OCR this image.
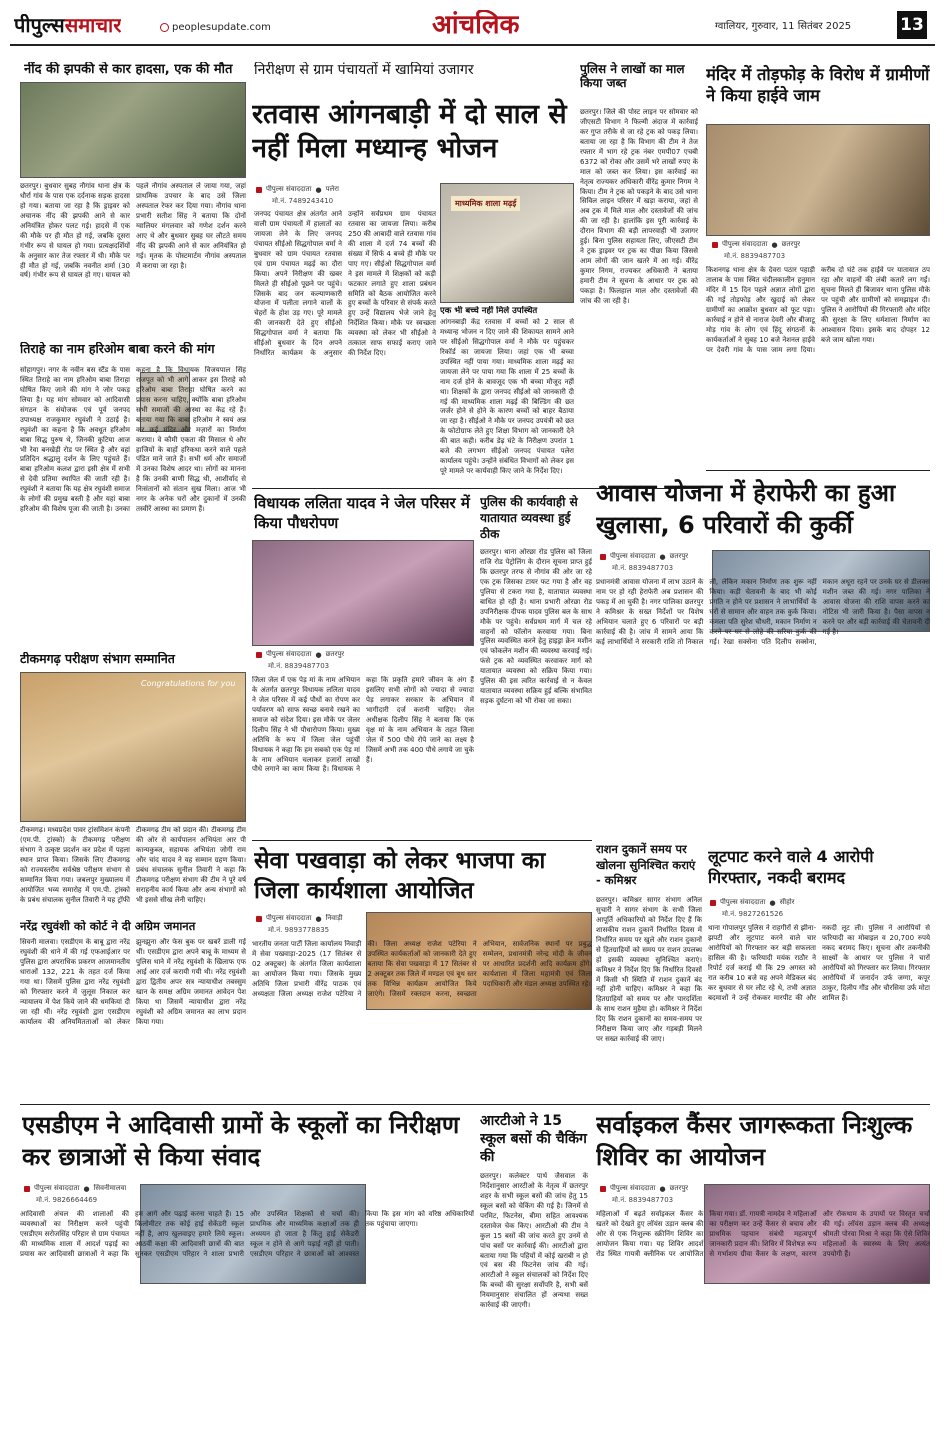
पीपुल्स समाचार	peoplesupdate.com	आंचलिक	ग्वालियर, गुरुवार, 11 सितंबर 2025	13
नींद की झपकी से कार हादसा, एक की मौत
छतरपुर। बुधवार सुबह नौगांव थाना क्षेत्र के धौर्रा गांव के पास एक दर्दनाक सड़क हादसा हो गया। बताया जा रहा है कि ड्राइवर को अचानक नींद की झपकी आने से कार अनियंत्रित होकर पलट गई। हादसे में एक की मौके पर ही मौत हो गई, जबकि दूसरा गंभीर रूप से घायल हो गया। प्रत्यक्षदर्शियों के अनुसार कार तेज रफ्तार में थी। मौके पर ही मौत हो गई, जबकि नवनीत शर्मा (30 वर्ष) गंभीर रूप से घायल हो गए। घायल को पहले नौगांव अस्पताल ले जाया गया, जहां प्राथमिक उपचार के बाद उसे जिला अस्पताल रेफर कर दिया गया। नौगांव थाना प्रभारी सतीश सिंह ने बताया कि दोनों ग्वालियर मंगलवार को गणेश दर्शन करने आए थे और बुधवार सुबह घर लौटते समय नींद की झपकी आने से कार अनियंत्रित हो गई। मृतक के पोस्टमार्टम नौगांव अस्पताल में कराया जा रहा है।
तिराहे का नाम हरिओम बाबा करने की मांग
सोहागपुर। नगर के नवीन बस स्टैंड के पास स्थित तिराहे का नाम हरिओम बाबा तिराहा घोषित किए जाने की मांग ने जोर पकड़ लिया है। यह मांग सोमवार को आदिवासी संगठन के संयोजक एवं पूर्व जनपद उपाध्यक्ष राजकुमार रघुवंशी ने उठाई है। रघुवंशी का कहना है कि अवधूत हरिओम बाबा सिद्ध पुरुष थे, जिनकी कुटिया आज भी रेवा बनखेड़ी रोड पर स्थित है और वहां प्रतिदिन श्रद्धालु दर्शन के लिए पहुंचते हैं। बाबा हरिओम कलश द्वारा इसी क्षेत्र में सभी से देवी प्रतिमा स्थापित की जाती रही है। रघुवंशी ने बताया कि यह क्षेत्र रघुवंशी समाज के लोगों की प्रमुख बस्ती है और यहां बाबा हरिओम की विशेष पूजा की जाती है। उनका कहना है कि विधायक विजयपाल सिंह राजपूत को भी आगे आकर इस तिराहे को हरिओम बाबा तिराहा घोषित करने का प्रयास करना चाहिए, क्योंकि बाबा हरिओम सभी समाजों की आस्था का केंद्र रहे हैं। बताया गया कि बाबा हरिओम ने स्वयं अन्न कर कई मंदिर और मज़ारों का निर्माण कराया। वे कौमी एकता की मिसाल थे और हाजियों के बाहों हरिकथा करने वाले पहले पंडित माने जाते हैं। सभी धर्म और समाजों में उनका विशेष आदर था। लोगों का मानना है कि उनकी बाणी सिद्ध थी, आशीर्वाद से निःसंतानों को संतान सुख मिला। आज भी नगर के अनेक घरों और दुकानों में उनकी तस्वीरें आस्था का प्रमाण हैं।
टीकमगढ़ परीक्षण संभाग सम्मानित
Congratulations for you
टीकमगढ़। मध्यप्रदेश पावर ट्रांसमिशन कंपनी (एम.पी. ट्रांस्को) के टीकमगढ़ परीक्षण संभाग ने उत्कृष्ट प्रदर्शन कर प्रदेश में पहला स्थान प्राप्त किया। जिसके लिए टीकमगढ़ को राज्यस्तरीय सर्वश्रेष्ठ परीक्षण संभाग से सम्मानित किया गया। जबलपुर मुख्यालय में आयोजित भव्य समारोह में एम.पी. ट्रांस्को के प्रबंध संचालक सुनील तिवारी ने यह ट्रॉफी टीकमगढ़ टीम को प्रदान की। टीकमगढ़ टीम की ओर से कार्यपालन अभियंता आर पी कान्यकुब्ज, सहायक अभियंता जोगी राम और चांद यादव ने यह सम्मान ग्रहण किया। प्रबंध संचालक सुनील तिवारी ने कहा कि टीकमगढ़ परीक्षण संभाग की टीम ने पूरे वर्ष सराहनीय कार्य किया और अन्य संभागों को भी इससे सीख लेनी चाहिए।
नरेंद्र रघुवंशी को कोर्ट ने दी अग्रिम जमानत
सिवनी मालवा। एसडीएम के बाबू द्वारा नरेंद्र रघुवंशी की धाने में की गई एफआईआर पर पुलिस द्वारा अपराधिक प्रकरण आजमानतीय धाराओं 132, 221 के तहत दर्ज किया गया था। जिसमें पुलिस द्वारा नरेंद्र रघुवंशी को गिरफ्तार करने में जुलूस निकाल कर न्यायालय में पेश किये जाने की धमकियां दी जा रही थीं। नरेंद्र रघुवंशी द्वारा एसडीएम कार्यालय की अनियमितताओं को लेकर झुनझुना और फेस बुक पर खबरें डाली गई थीं। एसडीएम द्वारा अपने बाबू के माध्यम से पुलिस थाने में नरेंद्र रघुवंशी के खिलाफ एफ आई आर दर्ज करायी गयी थी। नरेंद्र रघुवंशी द्वारा द्वितीय अपर सत्र न्यायाधीश तबस्सुम खान के समक्ष अग्रिम जमानत आवेदन पेश किया था जिसमें न्यायाधीश द्वारा नरेंद्र रघुवंशी को अग्रिम जमानत का लाभ प्रदान किया गया।
निरीक्षण से ग्राम पंचायतों में खामियां उजागर
रतवास आंगनबाड़ी में दो साल से नहीं मिला मध्यान्ह भोजन
पीपुल्स संवाददाता ● पलेरा
मो.नं. 7489243410	माध्यमिक शाला मढ़ई
जनपद पंचायत क्षेत्र अंतर्गत आने वाली ग्राम पंचायतों में हालातों का जायजा लेने के लिए जनपद पंचायत सीईओ सिद्धगोपाल वर्मा ने बुधवार को ग्राम पंचायत रतवास एवं ग्राम पंचायत मढ़ई का दौरा किया। अपने निरीक्षण की खबर मिलते ही सीईओ पूछने पर पहुंचे। जिसके बाद जन कल्याणकारी योजना में पलीता लगाने वालों के चेहरों के होश उड़ गए। पूरे मामले की जानकारी देते हुए सीईओ सिद्धगोपाल वर्मा ने बताया कि सीईओ बुधवार के दिन अपने निर्धारित कार्यक्रम के अनुसार उन्होंने सर्वप्रथम ग्राम पंचायत रतवास का जायजा लिया। करीब 250 की आबादी वाले रतवास गांव की शाला में दर्ज 74 बच्चों की संख्या में सिर्फ 4 बच्चे ही मौके पर पाए गए। सीईओ सिद्धगोपाल वर्मा ने इस मामले में शिक्षकों को कड़ी फटकार लगाते हुए शाला प्रबंधन समिति को बैठक आयोजित करने हुए बच्चों के परिवार से संपर्क करते हुए उन्हें विद्यालय भेजे जाने हेतु निर्देशित किया। मौके पर स्वच्छता व्यवस्था को लेकर भी सीईओ ने तत्काल साफ सफाई कराए जाने की निर्देश दिए।
पुलिस ने लाखों का माल किया जब्त
छतरपुर। जिले की पोस्ट लाइन पर सोमवार को जीएसटी विभाग ने फिल्मी अंदाज में कार्रवाई कर गुप्त तरीके से जा रहे ट्रक को पकड़ लिया। बताया जा रहा है कि विभाग की टीम ने तेज रफ्तार में भाग रहे ट्रक नंबर एमपी07 एचबी 6372 को रोका और उसमें भरे लाखों रुपए के माल को जब्त कर लिया। इस कार्रवाई का नेतृत्व राज्यकर अधिकारी वीरेंद्र कुमार निगम ने किया। टीम ने ट्रक को पकड़ने के बाद उसे थाना सिविल लाइन परिसर में खड़ा कराया, जहां से अब ट्रक में मिले माल और दस्तावेजों की जांच की जा रही है। हालांकि इस पूरी कार्रवाई के दौरान विभाग की बड़ी लापरवाही भी उजागर हुई। बिना पुलिस सहायता लिए, जीएसटी टीम ने ट्रक ड्राइवर पर ट्रक का पीछा किया जिससे आम लोगों की जान खतरे में आ गई। वीरेंद्र कुमार निगम, राज्यकर अधिकारी ने बताया हमारी टीम ने सूचना के आधार पर ट्रक को पकड़ा है। फिलहाल माल और दस्तावेजों की जांच की जा रही है।
एक भी बच्चे नहीं मिले उपस्थित
आंगनबाड़ी केंद्र रतवास में बच्चों को 2 साल से मध्यान्ह भोजन न दिए जाने की शिकायत सामने आने पर सीईओ सिद्धगोपाल वर्मा ने मौके पर पहुंचकर रिकॉर्ड का जायजा लिया। जहां एक भी बच्चा उपस्थित नहीं पाया गया। माध्यमिक शाला मढ़ई का जायजा लेने पर पाया गया कि शाला में 25 बच्चों के नाम दर्ज होने के बावजूद एक भी बच्चा मौजूद नहीं था। शिक्षकों के द्वारा जनपद सीईओ को जानकारी दी गई की माध्यमिक शाला मढ़ई की बिल्डिंग की छत जर्जर होने से होने के कारण बच्चों को बाहर बैठाया जा रहा है। सीईओ ने मौके पर जनपद उपयंत्री को छत के फोटोग्राफ लेते हुए शिक्षा विभाग को जानकारी देने की बात कही। करीब डेढ़ घंटे के निरीक्षण उपरांत 1 बजे की लगभग सीईओ जनपद पंचायत पलेरा कार्यालय पहुंचे। उन्होंने संबंधित विभागों को लेकर इस पूरे मामले पर कार्यवाही किए जाने के निर्देश दिए।
मंदिर में तोड़फोड़ के विरोध में ग्रामीणों ने किया हाईवे जाम
पीपुल्स संवाददाता ● छतरपुर
मो.नं. 8839487703
किशनगढ़ थाना क्षेत्र के देवरा पठार पहाड़ी तालाब के पास स्थित चंदीलकालीन हनुमान मंदिर में 15 दिन पहले अज्ञात लोगों द्वारा की गई तोड़फोड़ और खुदाई को लेकर ग्रामीणों का आक्रोश बुधवार को फूट पड़ा। कार्रवाई न होने से नाराज देवरी और बीजाटू मोड़ गांव के लोग एवं हिंदू संगठनों के कार्यकर्ताओं ने सुबह 10 बजे नेशनल हाईवे पर देवरी गांव के पास जाम लगा दिया। करीब दो घंटे तक हाईवे पर यातायात ठप रहा और वाहनों की लंबी कतारें लग गईं। सूचना मिलते ही बिजावर थाना पुलिस मौके पर पहुंची और ग्रामीणों को समझाइश दी। पुलिस ने आरोपियों की गिरफ्तारी और मंदिर की सुरक्षा के लिए धर्मशाला निर्माण का आश्वासन दिया। इसके बाद दोपहर 12 बजे जाम खोला गया।
विधायक ललिता यादव ने जेल परिसर में किया पौधरोपण
पीपुल्स संवाददाता ● छतरपुर
मो.नं. 8839487703
जिला जेल में एक पेड़ मां के नाम अभियान के अंतर्गत छतरपुर विधायक ललिता यादव ने जेल परिसर में कई पौधों का रोपण कर पर्यावरण को साफ स्वच्छ बनाये रखने का समाज को संदेश दिया। इस मौके पर जेलर दिलीप सिंह ने भी पौधारोपण किया। मुख्य अतिथि के रूप में जिला जेल पहुंचीं विधायक ने कहा कि हम सबको एक पेड़ मां के नाम अभियान चलाकर हजारों लाखों पौधे लगाने का काम किया है। विधायक ने कहा कि प्रकृति हमारे जीवन के अंग हैं इसलिए सभी लोगों को ज्यादा से ज्यादा पेड़ लगाकर सरकार के अभियान में भागीदारी दर्ज करानी चाहिए। जेल अधीक्षक दिलीप सिंह ने बताया कि एक वृक्ष मां के नाम अभियान के तहत जिला जेल में 500 पौधे रोपे जाने का लक्ष्य है जिसमें अभी तक 400 पौधे लगाये जा चुके हैं।
पुलिस की कार्यवाही से यातायात व्यवस्था हुई ठीक
छतरपुर। थाना ओरछा रोड पुलिस को जिला राजि रोड पेट्रोलिंग के दौरान सूचना प्राप्त हुई कि छतरपुर तरफ से नौगांव की ओर जा रहे एक ट्रक जिसका टायर फट गया है और वह पुलिया से टकरा गया है, यातायात व्यवस्था बाधित हो रही है। थाना प्रभारी ओरछा रोड उपनिरीक्षक दीपक यादव पुलिस बल के साथ मौके पर पहुंचे। सर्वप्रथम मार्ग में चल रहे वाहनों को फॉलोन करवाया गया। बिना पुलिस व्यवस्थित करने हेतु हाइड्रा क्रेन मशीन एवं फोकलेन मशीन की व्यवस्था करवाई गई। फंसे ट्रक को व्यवस्थित करवाकर मार्ग को यातायात व्यवस्था को सक्रिय किया गया। पुलिस की इस त्वरित कार्रवाई से न केवल यातायात व्यवस्था सक्रिय हुई बल्कि संभावित सड़क दुर्घटना को भी रोका जा सका।
आवास योजना में हेराफेरी का हुआ खुलासा, 6 परिवारों की कुर्की
पीपुल्स संवाददाता ● छतरपुर
मो.नं. 8839487703
प्रधानमंत्री आवास योजना में लाभ उठाने के नाम पर हो रही हेराफेरी अब प्रशासन की पकड़ में आ चुकी है। नगर पालिका छतरपुर ने कमिश्नर के सख्त निर्देशों पर विशेष अभियान चलाते हुए 6 परिवारों पर बड़ी कार्रवाई की है। जांच में सामने आया कि कई लाभार्थियों ने सरकारी राशि तो निकाल ली, लेकिन मकान निर्माण तक शुरू नहीं किया। कड़ी चेतावनी के बाद भी कोई प्रगति न होने पर प्रशासन ने लाभार्थियों के घरों से सामान और वाहन तक कुर्क किया। कमला पति सुरेश चौधरी, मकान निर्माण न करने पर घर से लोहे की सरिया कुर्क की गई। रेखा सक्सेना पति दिलीप सक्सेना, मकान अधूरा रहने पर उनके घर से डीलक्स मशीन जब्त की गई। नगर पालिका ने आवास योजना की राशि वापस करने का नोटिस भी जारी किया है। पैसा वापस न करने पर और बड़ी कार्रवाई की चेतावनी दी गई है।
राशन दुकानें समय पर खोलना सुनिश्चित कराएं - कमिश्नर
छतरपुर। कमिश्नर सागर संभाग अनिल सुचारी ने सागर संभाग के सभी जिला आपूर्ति अधिकारियों को निर्देश दिए हैं कि शासकीय राशन दुकानें निर्धारित दिवस में निर्धारित समय पर खुले और राशन दुकानों से हितग्राहियों को समय पर राशन उपलब्ध हो इसकी व्यवस्था सुनिश्चित कराएं। कमिश्नर ने निर्देश दिए कि निर्धारित दिवसों में किसी भी स्थिति में राशन दुकानें बंद नहीं होनी चाहिए। कमिश्नर ने कहा कि हितग्राहियों को समय पर और पारदर्शिता के साथ राशन मुहैया हो। कमिश्नर ने निर्देश दिए कि राशन दुकानों का समय-समय पर निरीक्षण किया जाए और गड़बड़ी मिलने पर सख्त कार्रवाई की जाए।
सेवा पखवाड़ा को लेकर भाजपा का जिला कार्यशाला आयोजित
पीपुल्स संवाददाता ● निवाड़ी
मो.नं. 9893778835
भारतीय जनता पार्टी जिला कार्यालय निवाड़ी में सेवा पखवाड़ा-2025 (17 सितंबर से 02 अक्टूबर) के अंतर्गत जिला कार्यशाला का आयोजन किया गया। जिसके मुख्य अतिथि जिला प्रभारी वीरेंद्र पाठक एवं अध्यक्षता जिला अध्यक्ष राजेश पटेरिया ने की। जिला अध्यक्ष राजेश पटेरिया ने उपस्थित कार्यकर्ताओं को जानकारी देते हुए बताया कि सेवा पखवाड़ा में 17 सितंबर से 2 अक्टूबर तक जिले में मण्डल एवं बूथ स्तर तक विभिन्न कार्यक्रम आयोजित किये जाएंगे। जिसमें रक्तदान करना, स्वच्छता अभियान, सार्वजनिक स्थानों पर प्रबुद्ध सम्मेलन, प्रधानमंत्री नरेन्द्र मोदी के जीवन पर आधारित प्रदर्शनी आदि कार्यक्रम होंगे। कार्यशाला में जिला महामंत्री एवं जिला पदाधिकारी और मंडल अध्यक्ष उपस्थित रहे।
लूटपाट करने वाले 4 आरोपी गिरफ्तार, नकदी बरामद
पीपुल्स संवाददाता ● सीहोर
मो.नं. 9827261526
थाना गोपालपुर पुलिस ने राहगीरों से झीना-झपटी और लूटपाट करने वाले चार आरोपियों को गिरफ्तार कर बड़ी सफलता हासिल की है। फरियादी मयंक राठौर ने रिपोर्ट दर्ज कराई थी कि 29 अगस्त को रात करीब 10 बजे वह अपने मेडिकल बंद कर बुधवार से घर लौट रहे थे, तभी अज्ञात बदमाशों ने उन्हें रोककर मारपीट की और नकदी लूट ली। पुलिस ने आरोपियों से फरियादी का मोबाइल व 20,700 रुपये नकद बरामद किए। सूचना और तकनीकी साक्ष्यों के आधार पर पुलिस ने चारों आरोपियों को गिरफ्तार कर लिया। गिरफ्तार आरोपियों में जनार्दन उर्फ जग्गा, कपूर ठाकुर, दिलीप गौंड और चौरसिया उर्फ मोटा शामिल हैं।
एसडीएम ने आदिवासी ग्रामों के स्कूलों का निरीक्षण कर छात्राओं से किया संवाद
पीपुल्स संवाददाता ● सिवनीमालवा
मो.नं. 9826664469
आदिवासी अंचल की शालाओं की व्यवस्थाओं का निरीक्षण करने पहुंची एसडीएम सरोजसिंह परिहार से ग्राम पंचायत की माध्यमिक शाला में आदर्श पढ़ाई का प्रयास कर आदिवासी छात्राओं ने कहा कि हम आगे और पढ़ाई करना चाहते हैं। 15 किलोमीटर तक कोई हाई सेकेंडरी स्कूल नहीं है, आप खुलवाइए हमारे लिये स्कूल। आठवीं कक्षा की आदिवासी छात्रों की बात सुनकर एसडीएम परिहार ने शाला प्रभारी और उपस्थित शिक्षकों से चर्चा की। प्राथमिक और माध्यमिक कक्षाओं तक ही अध्ययन हो जाता है किंतु हाई सेकेंडरी स्कूल न होने से आगे पढ़ाई नहीं हो पाती। एसडीएम परिहार ने छात्राओं को आश्वस्त किया कि इस मांग को वरिष्ठ अधिकारियों तक पहुंचाया जाएगा।
आरटीओ ने 15 स्कूल बसों की चैकिंग की
छतरपुर। कलेक्टर पार्थ जैसवाल के निर्देशानुसार आरटीओ के नेतृत्व में छतरपुर शहर के सभी स्कूल बसों की जांच हेतु 15 स्कूल बसों को चेकिंग की गई है। जिनमें से परमिट, फिटनेस, बीमा सहित आवश्यक दस्तावेज चेक किए। आरटीओ की टीम ने कुल 15 बसों की जांच करते हुए उनमें से पांच बसों पर कार्रवाई की। आरटीओ द्वारा बताया गया कि पहियों में कोई खराबी न हो एवं बस की फिटनेस जांच की गई। आरटीओ ने स्कूल संचालकों को निर्देश दिए कि बच्चों की सुरक्षा सर्वोपरि है, सभी बसें नियमानुसार संचालित हों अन्यथा सख्त कार्रवाई की जाएगी।
सर्वाइकल कैंसर जागरूकता निःशुल्क शिविर का आयोजन
पीपुल्स संवाददाता ● छतरपुर
मो.नं. 8839487703
महिलाओं में बढ़ते सर्वाइकल कैंसर के खतरे को देखते हुए लॉयंस उड़ान क्लब की ओर से एक निःशुल्क स्क्रीनिंग शिविर का आयोजन किया गया। यह शिविर आदर्श रोड स्थित गायत्री क्लीनिक पर आयोजित किया गया। डॉ. गायत्री नामदेव ने महिलाओं का परीक्षण कर उन्हें कैंसर से बचाव और प्राथमिक पहचान संबंधी महत्वपूर्ण जानकारी प्रदान की। शिविर में विशेषज्ञ रूप से गर्भाशय ग्रीवा कैंसर के लक्षण, कारण और रोकथाम के उपायों पर विस्तृत चर्चा की गई। लॉयंस उड़ान क्लब की अध्यक्ष श्रीमती पोरवा मिश्रा ने कहा कि ऐसे शिविर महिलाओं के स्वास्थ्य के लिए अत्यंत उपयोगी हैं।
